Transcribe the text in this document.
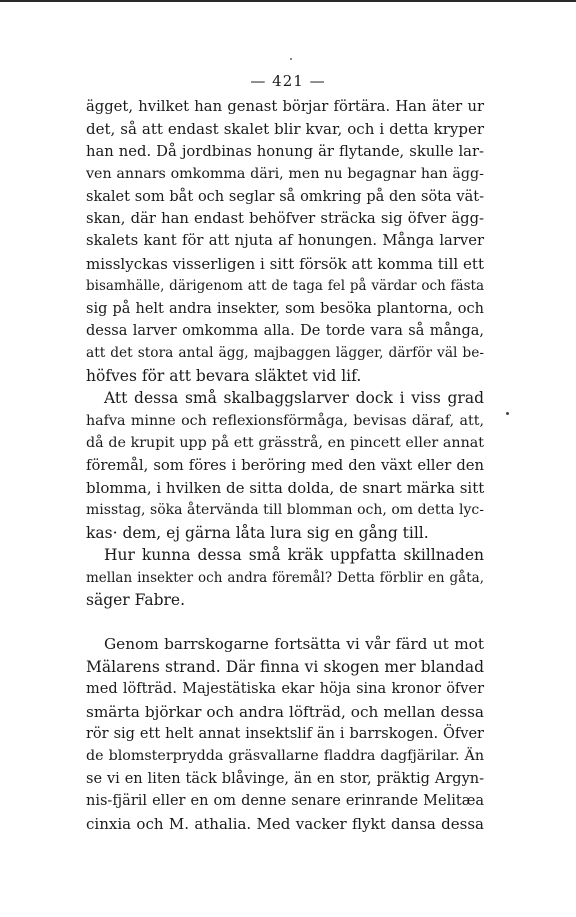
— 421 —

ägget, hvilket han genast börjar förtära. Han äter ur
det, så att endast skalet blir kvar, och i detta kryper
han ned. Då jordbinas honung är flytande, skulle lar-
ven annars omkomma däri, men nu begagnar han ägg-
skalet som båt och seglar så omkring på den söta vät-
skan, där han endast behöfver sträcka sig öfver ägg-
skalets kant för att njuta af honungen. Många larver
misslyckas visserligen i sitt försök att komma till ett
bisamhälle, därigenom att de taga fel på värdar och fästa
sig på helt andra insekter, som besöka plantorna, och
dessa larver omkomma alla. De torde vara så många,
att det stora antal ägg, majbaggen lägger, därför väl be-
höfves för att bevara släktet vid lif.

Att dessa små skalbaggslarver dock i viss grad
hafva minne och reflexionsförmåga, bevisas däraf, att,
då de krupit upp på ett grässtrå, en pincett eller annat
föremål, som föres i beröring med den växt eller den
blomma, i hvilken de sitta dolda, de snart märka sitt
misstag, söka återvända till blomman och, om detta lyc-
kas· dem, ej gärna låta lura sig en gång till.

Hur kunna dessa små kräk uppfatta skillnaden
mellan insekter och andra föremål? Detta förblir en gåta,
säger Fabre.

Genom barrskogarne fortsätta vi vår färd ut mot
Mälarens strand. Där finna vi skogen mer blandad
med löfträd. Majestätiska ekar höja sina kronor öfver
smärta björkar och andra löfträd, och mellan dessa
rör sig ett helt annat insektslif än i barrskogen. Öfver
de blomsterprydda gräsvallarne fladdra dagfjärilar. Än
se vi en liten täck blåvinge, än en stor, präktig Argyn-
nis-fjäril eller en om denne senare erinrande Melitæa
cinxia och M. athalia. Med vacker flykt dansa dessa
